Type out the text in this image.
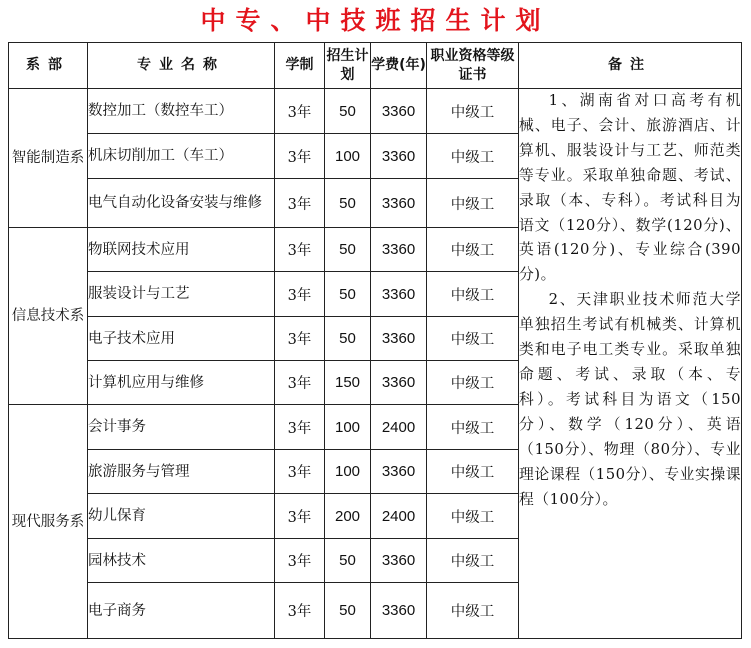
中专、中技班招生计划
系部	专业名称	学制	招生计划	学费(年)	职业资格等级证书	备注
智能制造系	数控加工（数控车工）	3年	50	3360	中级工	1、湖南省对口高考有机械、电子、会计、旅游酒店、计算机、服装设计与工艺、师范类等专业。采取单独命题、考试、录取（本、专科）。考试科目为语文（120分）、数学(120分)、英语(120分)、专业综合(390分)。
2、天津职业技术师范大学单独招生考试有机械类、计算机类和电子电工类专业。采取单独命题、考试、录取（本、专科）。考试科目为语文（150分）、数学（120分）、英语（150分）、物理（80分）、专业理论课程（150分）、专业实操课程（100分）。

	机床切削加工（车工）	3年	100	3360	中级工	
	电气自动化设备安装与维修	3年	50	3360	中级工	
信息技术系	物联网技术应用	3年	50	3360	中级工	
	服装设计与工艺	3年	50	3360	中级工	
	电子技术应用	3年	50	3360	中级工	
	计算机应用与维修	3年	150	3360	中级工	
现代服务系	会计事务	3年	100	2400	中级工	
	旅游服务与管理	3年	100	3360	中级工	
	幼儿保育	3年	200	2400	中级工	
	园林技术	3年	50	3360	中级工	
	电子商务	3年	50	3360	中级工	
